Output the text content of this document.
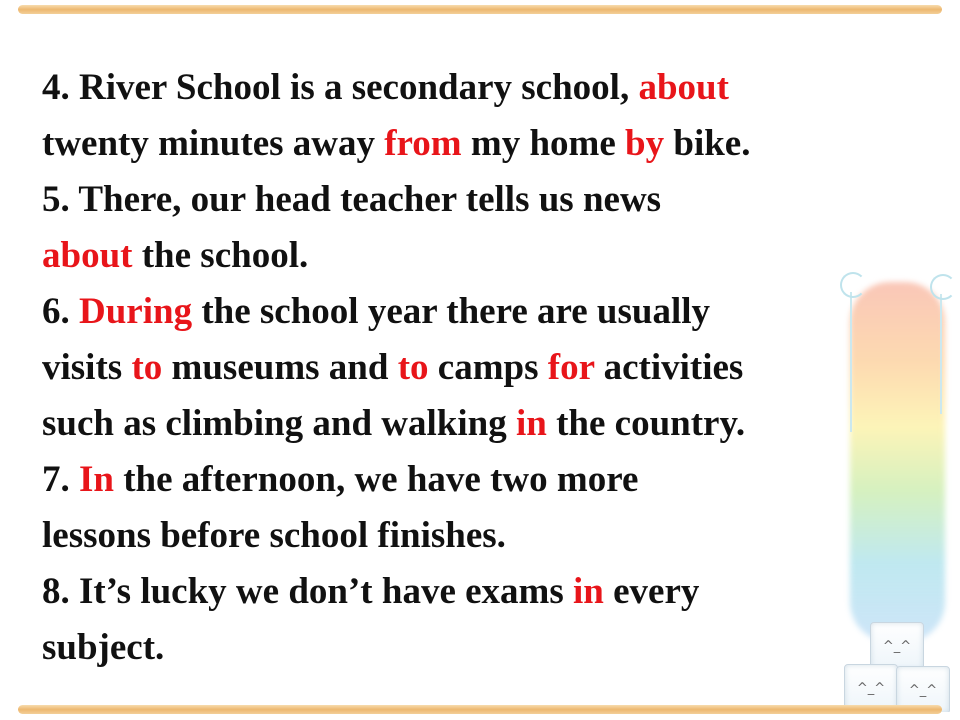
^_^
^_^ ^_^
4. River School is a secondary school, about
twenty minutes away from my home by bike.
5. There, our head teacher tells us news
about the school.
6. During the school year there are usually
visits to museums and to camps for activities
such as climbing and walking in the country.
7. In the afternoon, we have two more
lessons before school finishes.
8. It’s lucky we don’t have exams in every
subject.
